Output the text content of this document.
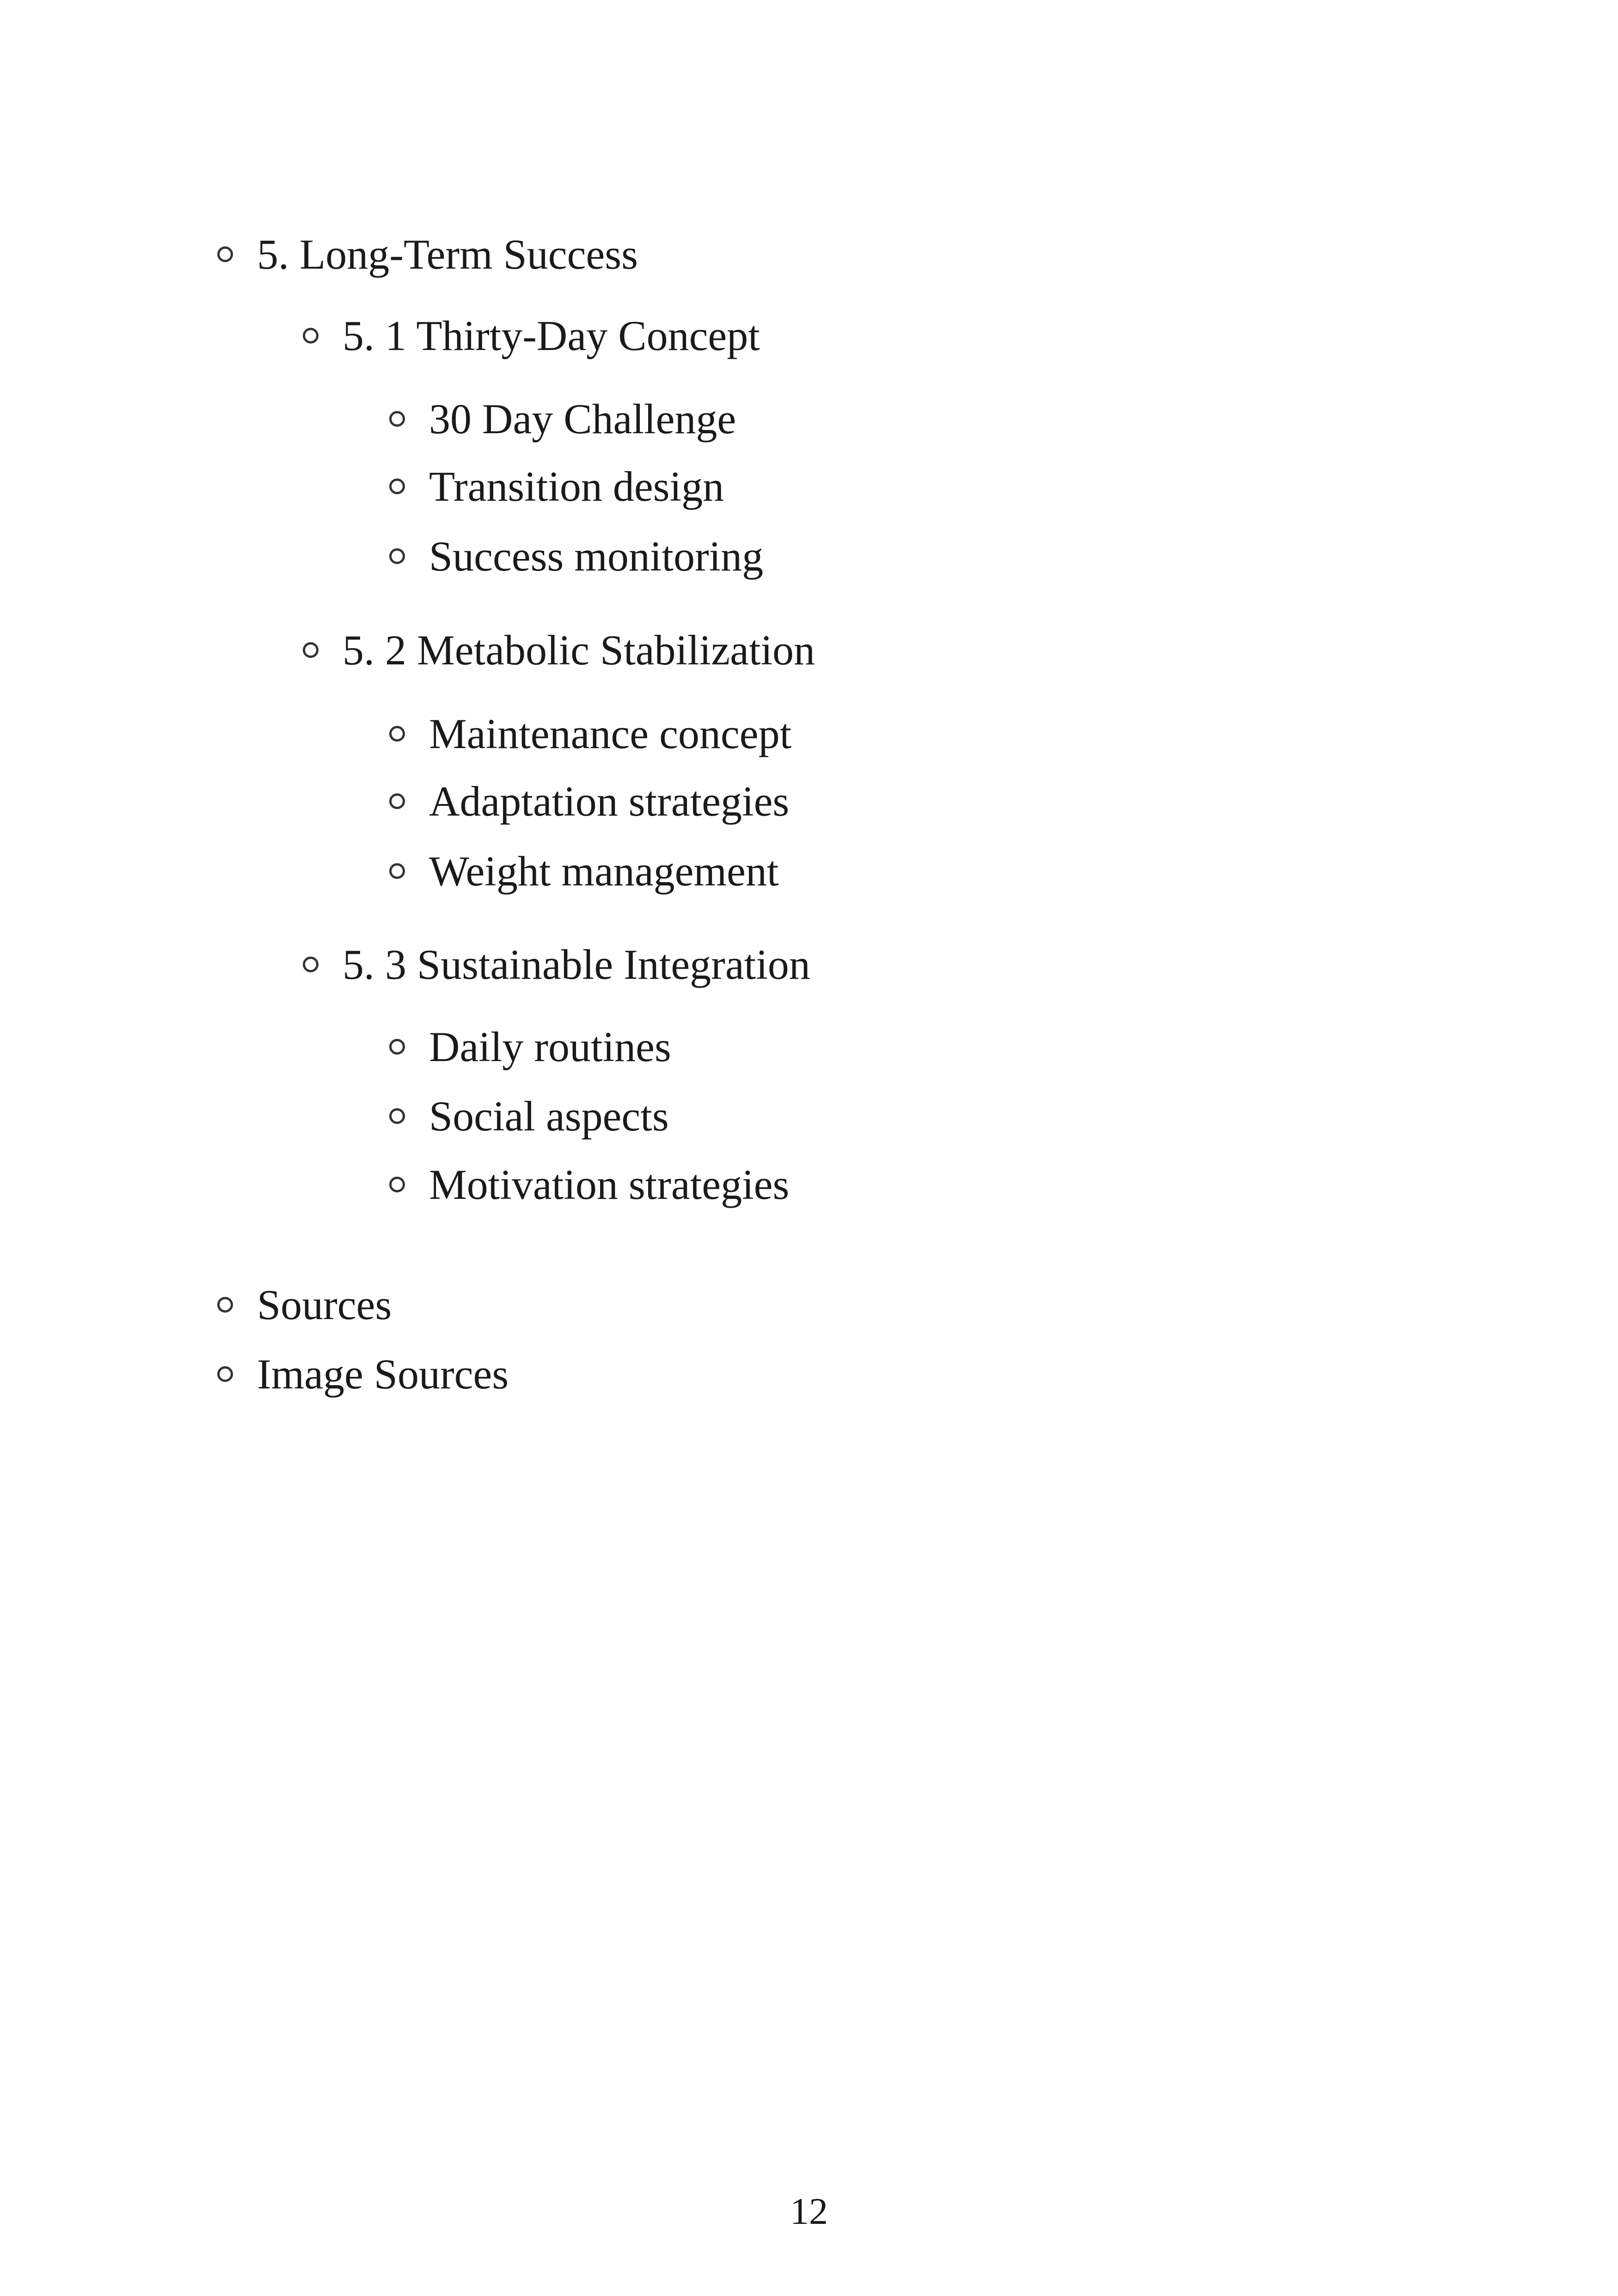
5. Long-Term Success
5. 1 Thirty-Day Concept
30 Day Challenge
Transition design
Success monitoring
5. 2 Metabolic Stabilization
Maintenance concept
Adaptation strategies
Weight management
5. 3 Sustainable Integration
Daily routines
Social aspects
Motivation strategies
Sources
Image Sources
12
